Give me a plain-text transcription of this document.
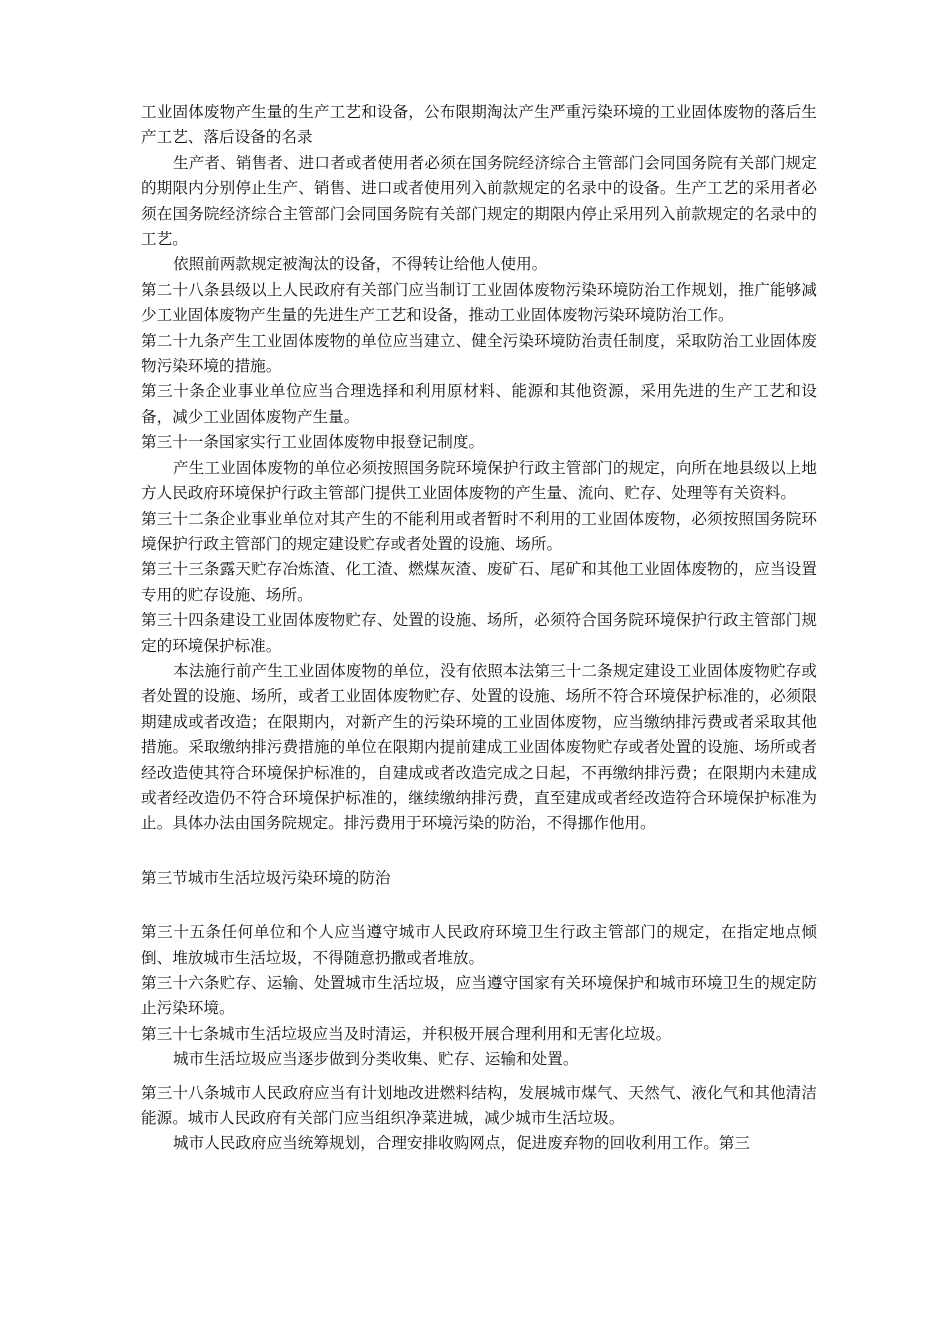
工业固体废物产生量的生产工艺和设备，公布限期淘汰产生严重污染环境的工业固体废物的落后生产工艺、落后设备的名录

生产者、销售者、进口者或者使用者必须在国务院经济综合主管部门会同国务院有关部门规定的期限内分别停止生产、销售、进口或者使用列入前款规定的名录中的设备。生产工艺的采用者必须在国务院经济综合主管部门会同国务院有关部门规定的期限内停止采用列入前款规定的名录中的工艺。

依照前两款规定被淘汰的设备，不得转让给他人使用。

第二十八条县级以上人民政府有关部门应当制订工业固体废物污染环境防治工作规划，推广能够减少工业固体废物产生量的先进生产工艺和设备，推动工业固体废物污染环境防治工作。

第二十九条产生工业固体废物的单位应当建立、健全污染环境防治责任制度，采取防治工业固体废物污染环境的措施。

第三十条企业事业单位应当合理选择和利用原材料、能源和其他资源，采用先进的生产工艺和设备，减少工业固体废物产生量。

第三十一条国家实行工业固体废物申报登记制度。

产生工业固体废物的单位必须按照国务院环境保护行政主管部门的规定，向所在地县级以上地方人民政府环境保护行政主管部门提供工业固体废物的产生量、流向、贮存、处理等有关资料。

第三十二条企业事业单位对其产生的不能利用或者暂时不利用的工业固体废物，必须按照国务院环境保护行政主管部门的规定建设贮存或者处置的设施、场所。

第三十三条露天贮存冶炼渣、化工渣、燃煤灰渣、废矿石、尾矿和其他工业固体废物的，应当设置专用的贮存设施、场所。

第三十四条建设工业固体废物贮存、处置的设施、场所，必须符合国务院环境保护行政主管部门规定的环境保护标准。

本法施行前产生工业固体废物的单位，没有依照本法第三十二条规定建设工业固体废物贮存或者处置的设施、场所，或者工业固体废物贮存、处置的设施、场所不符合环境保护标准的，必须限期建成或者改造；在限期内，对新产生的污染环境的工业固体废物，应当缴纳排污费或者采取其他措施。采取缴纳排污费措施的单位在限期内提前建成工业固体废物贮存或者处置的设施、场所或者经改造使其符合环境保护标准的，自建成或者改造完成之日起，不再缴纳排污费；在限期内未建成或者经改造仍不符合环境保护标准的，继续缴纳排污费，直至建成或者经改造符合环境保护标准为止。具体办法由国务院规定。排污费用于环境污染的防治，不得挪作他用。

第三节城市生活垃圾污染环境的防治

第三十五条任何单位和个人应当遵守城市人民政府环境卫生行政主管部门的规定，在指定地点倾倒、堆放城市生活垃圾，不得随意扔撒或者堆放。

第三十六条贮存、运输、处置城市生活垃圾，应当遵守国家有关环境保护和城市环境卫生的规定防止污染环境。

第三十七条城市生活垃圾应当及时清运，并积极开展合理利用和无害化垃圾。

城市生活垃圾应当逐步做到分类收集、贮存、运输和处置。

第三十八条城市人民政府应当有计划地改进燃料结构，发展城市煤气、天然气、液化气和其他清洁能源。城市人民政府有关部门应当组织净菜进城，减少城市生活垃圾。

城市人民政府应当统筹规划，合理安排收购网点，促进废弃物的回收利用工作。第三
